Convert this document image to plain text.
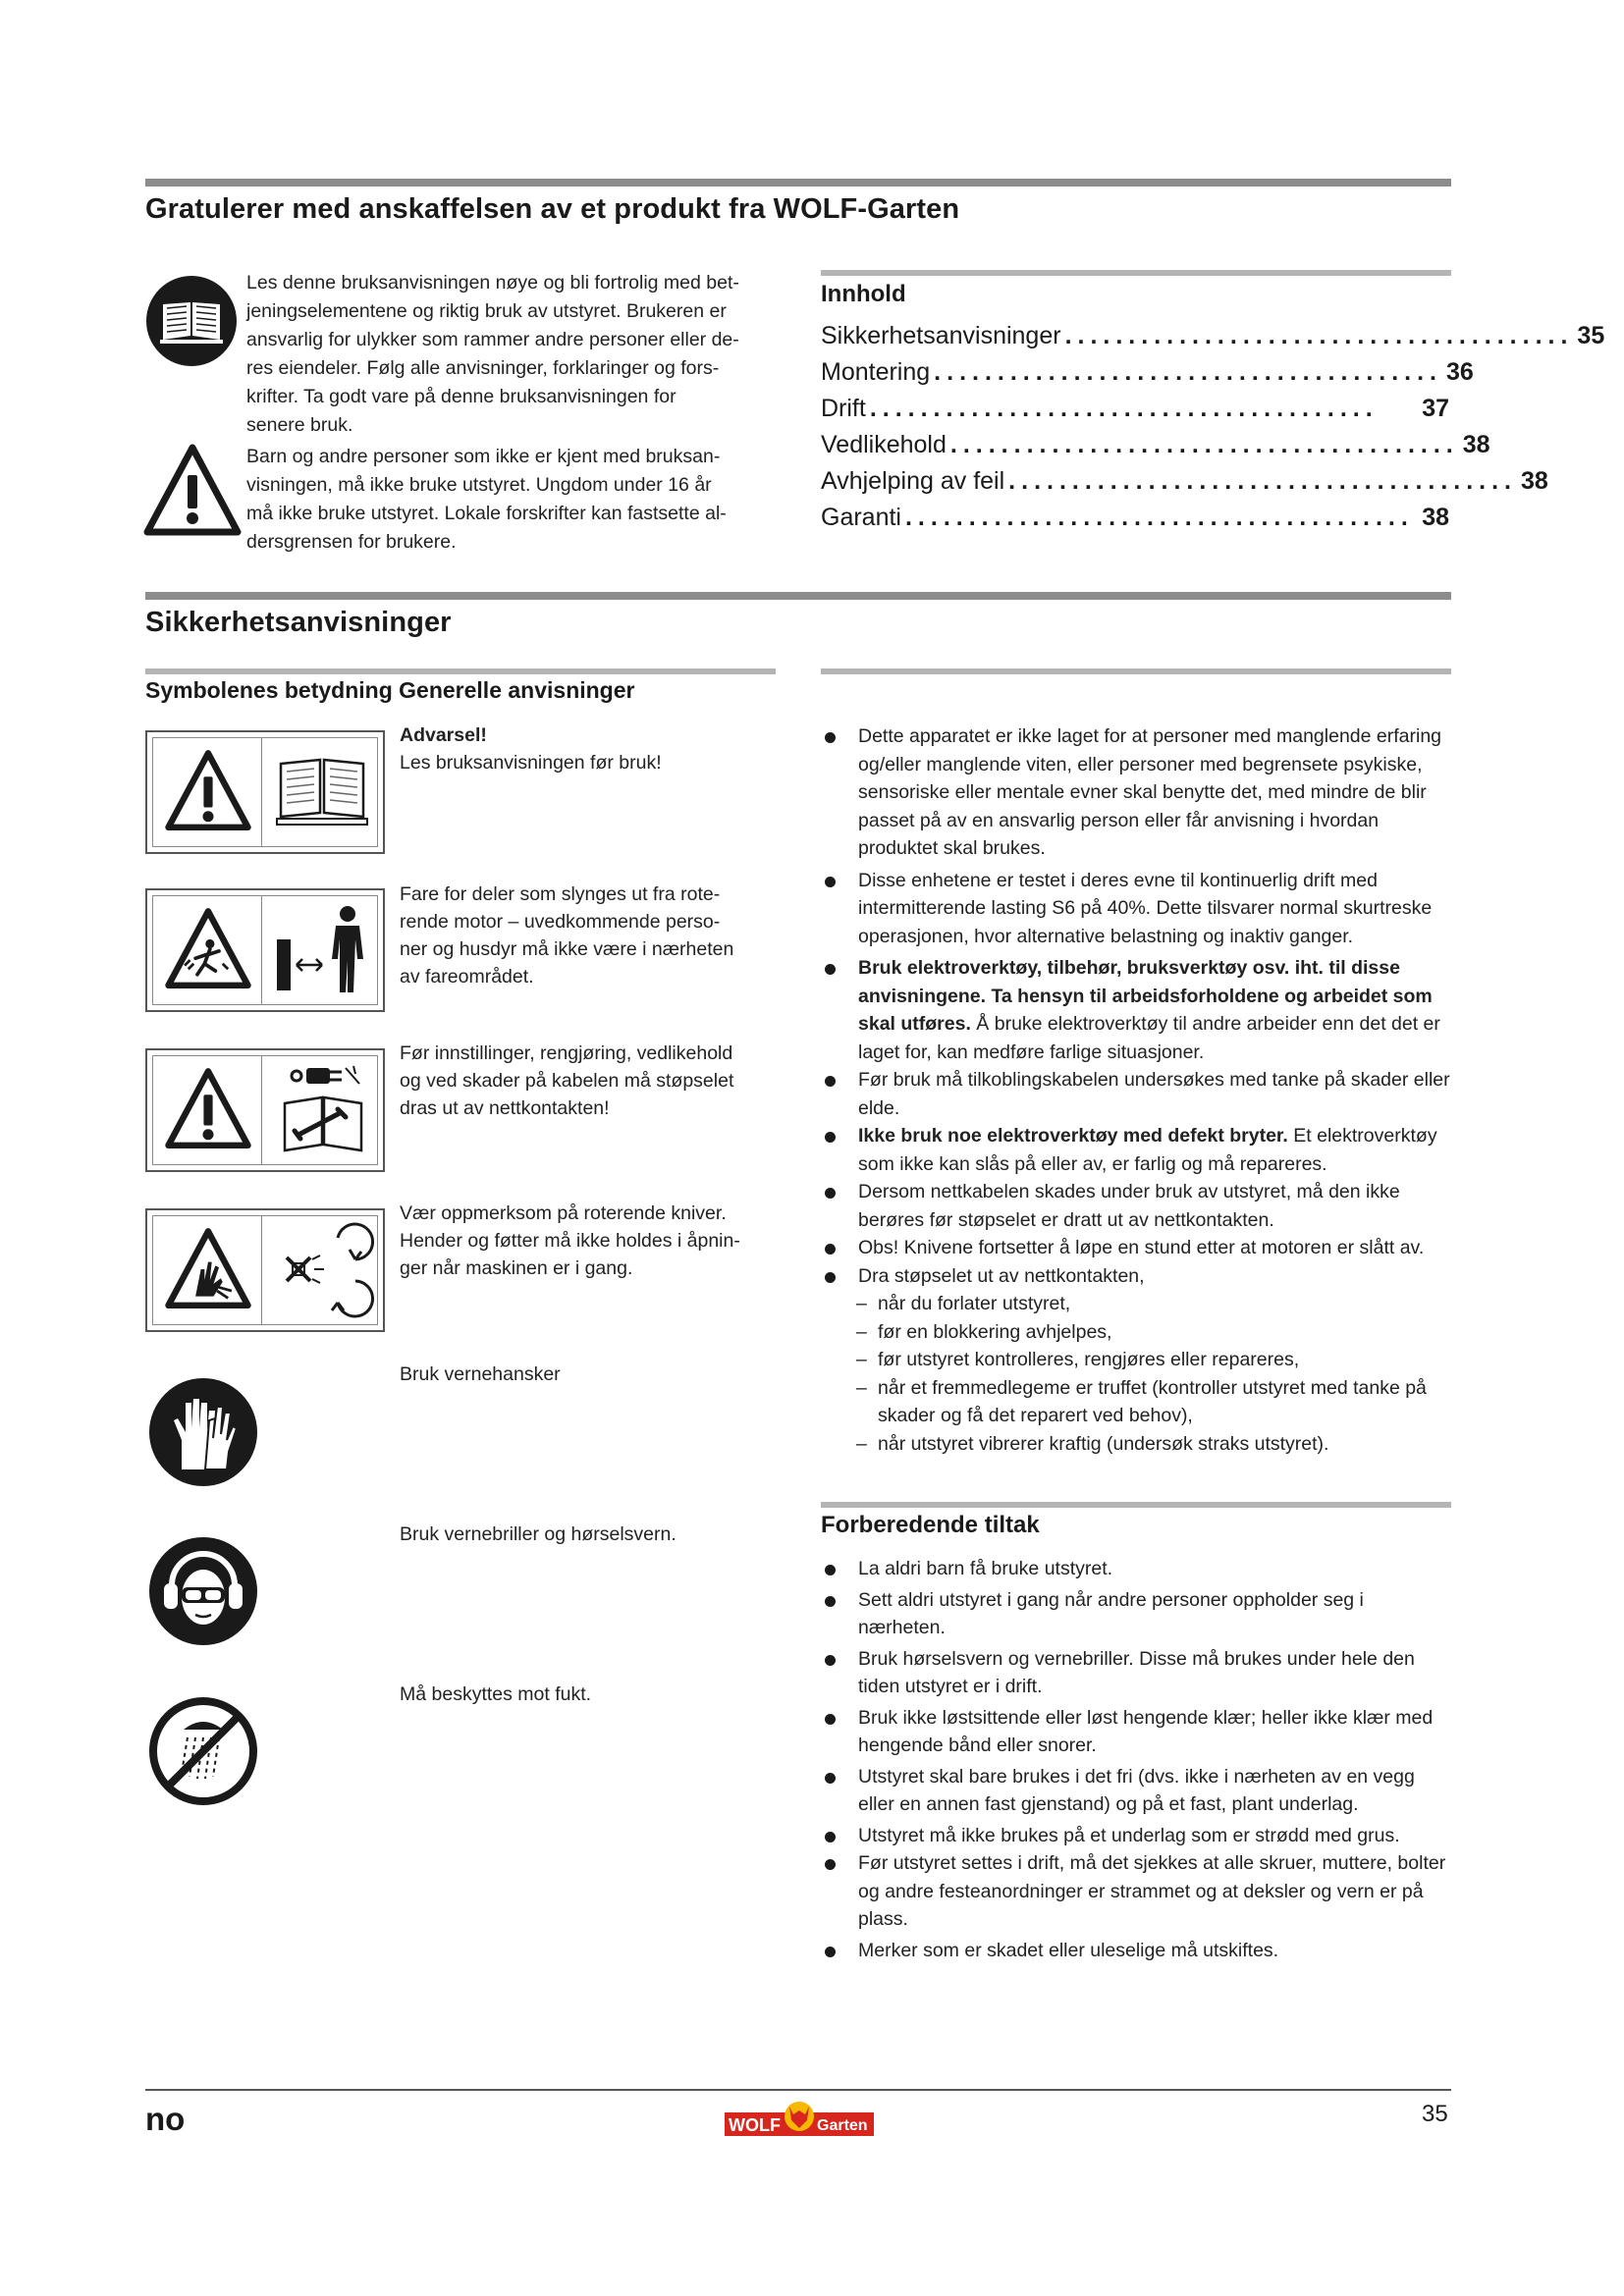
Gratulerer med anskaffelsen av et produkt fra WOLF-Garten
Les denne bruksanvisningen nøye og bli fortrolig med bet-
jeningselementene og riktig bruk av utstyret. Brukeren er
ansvarlig for ulykker som rammer andre personer eller de-
res eiendeler. Følg alle anvisninger, forklaringer og fors-
krifter. Ta godt vare på denne bruksanvisningen for
senere bruk.
Barn og andre personer som ikke er kjent med bruksan-
visningen, må ikke bruke utstyret. Ungdom under 16 år
må ikke bruke utstyret. Lokale forskrifter kan fastsette al-
dersgrensen for brukere.
Innhold
Sikkerhetsanvisninger ........................................ 35
Montering ........................................ 36
Drift ........................................	37
Vedlikehold ........................................ 38
Avhjelping av feil ........................................ 38
Garanti ........................................ 38
Sikkerhetsanvisninger
Symbolenes betydning Generelle anvisninger
Advarsel!
Les bruksanvisningen før bruk!
Fare for deler som slynges ut fra rote-
rende motor – uvedkommende perso-
ner og husdyr må ikke være i nærheten
av fareområdet.
Før innstillinger, rengjøring, vedlikehold
og ved skader på kabelen må støpselet
dras ut av nettkontakten!
Vær oppmerksom på roterende kniver.
Hender og føtter må ikke holdes i åpnin-
ger når maskinen er i gang.
Bruk vernehansker
Bruk vernebriller og hørselsvern.
Må beskyttes mot fukt.
Dette apparatet er ikke laget for at personer med manglende erfaring og/eller manglende viten, eller personer med begrensete psykiske, sensoriske eller mentale evner skal benytte det, med mindre de blir passet på av en ansvarlig person eller får anvisning i hvordan produktet skal brukes.
Disse enhetene er testet i deres evne til kontinuerlig drift med intermitterende lasting S6 på 40%. Dette tilsvarer normal skurtreske operasjonen, hvor alternative belastning og inaktiv ganger.
Bruk elektroverktøy, tilbehør, bruksverktøy osv. iht. til disse anvisningene. Ta hensyn til arbeidsforholdene og arbeidet som skal utføres. Å bruke elektroverktøy til andre arbeider enn det det er laget for, kan medføre farlige situasjoner.
Før bruk må tilkoblingskabelen undersøkes med tanke på skader eller elde.
Ikke bruk noe elektroverktøy med defekt bryter. Et elektroverktøy som ikke kan slås på eller av, er farlig og må repareres.
Dersom nettkabelen skades under bruk av utstyret, må den ikke berøres før støpselet er dratt ut av nettkontakten.
Obs! Knivene fortsetter å løpe en stund etter at motoren er slått av.
Dra støpselet ut av nettkontakten,
– når du forlater utstyret,
– før en blokkering avhjelpes,
– før utstyret kontrolleres, rengjøres eller repareres,
– når et fremmedlegeme er truffet (kontroller utstyret med tanke på skader og få det reparert ved behov),
– når utstyret vibrerer kraftig (undersøk straks utstyret).
Forberedende tiltak
La aldri barn få bruke utstyret.
Sett aldri utstyret i gang når andre personer oppholder seg i nærheten.
Bruk hørselsvern og vernebriller. Disse må brukes under hele den tiden utstyret er i drift.
Bruk ikke løstsittende eller løst hengende klær; heller ikke klær med hengende bånd eller snorer.
Utstyret skal bare brukes i det fri (dvs. ikke i nærheten av en vegg eller en annen fast gjenstand) og på et fast, plant underlag.
Utstyret må ikke brukes på et underlag som er strødd med grus.
Før utstyret settes i drift, må det sjekkes at alle skruer, muttere, bolter og andre festeanordninger er strammet og at deksler og vern er på plass.
Merker som er skadet eller uleselige må utskiftes.
no	WOLF Garten	35
